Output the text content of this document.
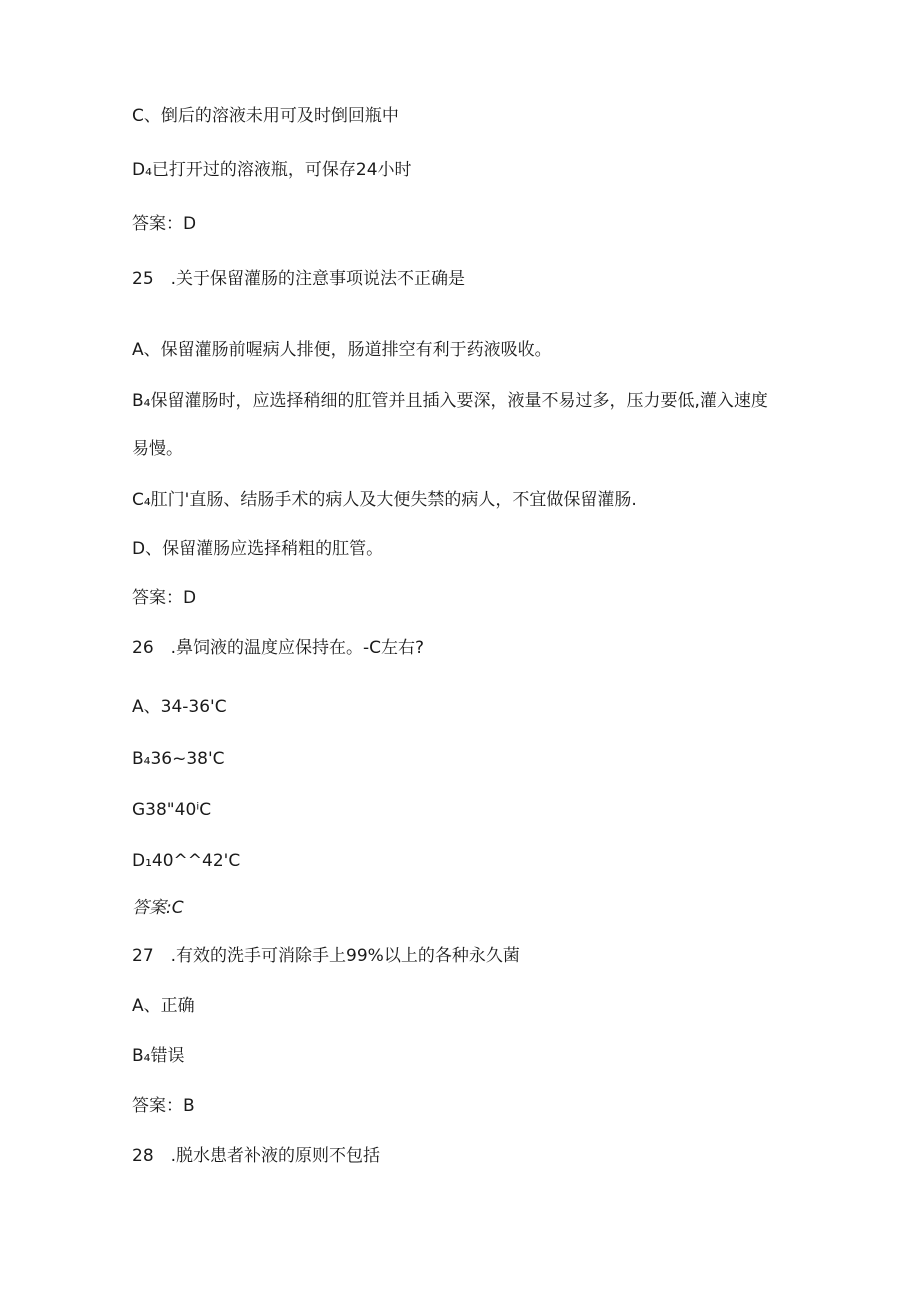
C、倒后的溶液未用可及时倒回瓶中
D₄已打开过的溶液瓶，可保存24小时
答案：D
25　.关于保留灌肠的注意事项说法不正确是
A、保留灌肠前喔病人排便，肠道排空有利于药液吸收。
B₄保留灌肠时，应选择稍细的肛管并且插入要深，液量不易过多，压力要低,灌入速度
易慢。
C₄肛门'直肠、结肠手术的病人及大便失禁的病人，不宜做保留灌肠.
D、保留灌肠应选择稍粗的肛管。
答案：D
26　.鼻饲液的温度应保持在。-C左右?
A、34-36'C
B₄36~38'C
G38"40ⁱC
D₁40^^42'C
答案:C
27　.有效的洗手可消除手上99%以上的各种永久菌
A、正确
B₄错误
答案：B
28　.脱水患者补液的原则不包括
